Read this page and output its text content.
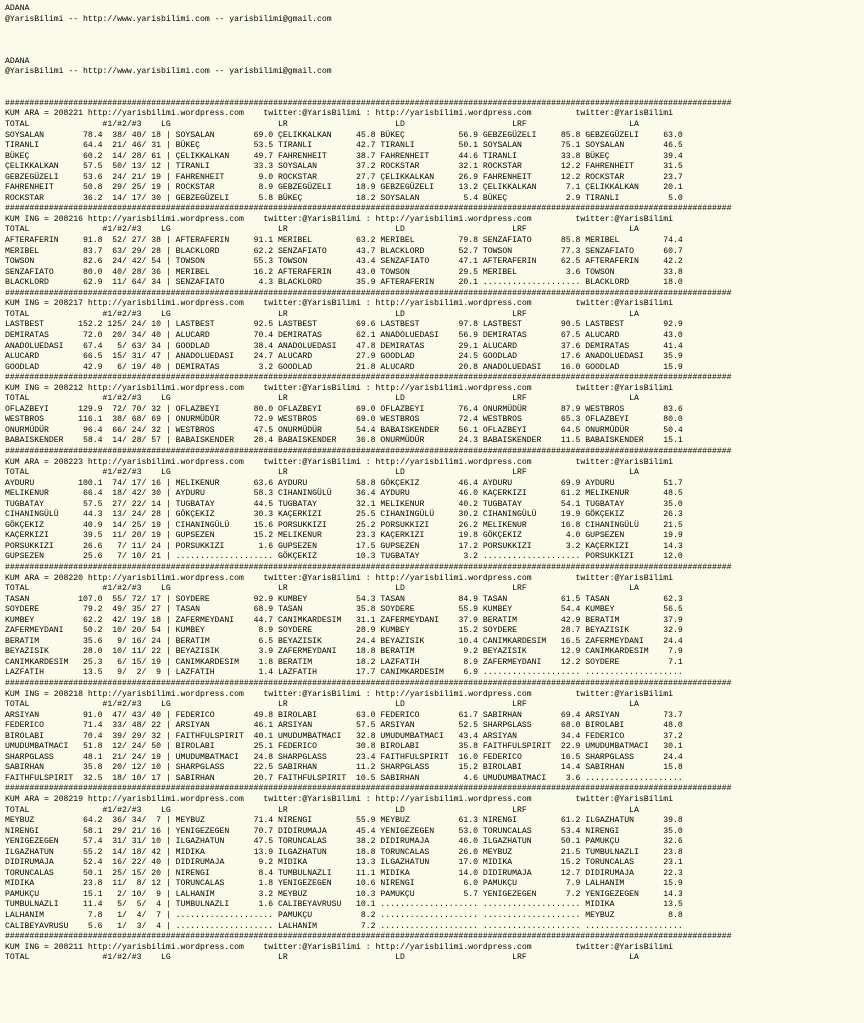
ADANA
@YarisBilimi -- http://www.yarisbilimi.com -- yarisbilimi@gmail.com
ADANA
@YarisBilimi -- http://www.yarisbilimi.com -- yarisbilimi@gmail.com
#####################################################################################################################################################
KUM ARA = 208221 http://yarisbilimi.wordpress.com    twitter:@YarisBilimi : http://yarisbilimi.wordpress.com         twitter:@YarisBilimi
TOTAL               #1/#2/#3    LG                      LR                      LD                      LRF                     LA
SOYSALAN        78.4  38/ 40/ 18 | SOYSALAN        69.0 ÇELIKKALKAN     45.8 BÜKEÇ           56.9 GEBZEGÜZELI     85.8 GEBZEGÜZELI     63.0
TIRANLI         64.4  21/ 46/ 31 | BÜKEÇ           53.5 TIRANLI         42.7 TIRANLI         50.1 SOYSALAN        75.1 SOYSALAN        46.5
BÜKEÇ           60.2  14/ 28/ 61 | ÇELIKKALKAN     49.7 FAHRENHEIT      38.7 FAHRENHEIT      44.6 TIRANLI         33.8 BÜKEÇ           39.4
ÇELIKKALKAN     57.5  50/ 13/ 12 | TIRANLI         33.3 SOYSALAN        37.2 ROCKSTAR        32.1 ROCKSTAR        12.2 FAHRENHEIT      31.5
GEBZEGÜZELI     53.6  24/ 21/ 19 | FAHRENHEIT       9.0 ROCKSTAR        27.7 ÇELIKKALKAN     26.9 FAHRENHEIT      12.2 ROCKSTAR        23.7
FAHRENHEIT      50.8  29/ 25/ 19 | ROCKSTAR         8.9 GEBZEGÜZELI     18.9 GEBZEGÜZELI     13.2 ÇELIKKALKAN      7.1 ÇELIKKALKAN     20.1
ROCKSTAR        36.2  14/ 17/ 30 | GEBZEGÜZELI      5.8 BÜKEÇ           18.2 SOYSALAN         5.4 BÜKEÇ            2.9 TIRANLI          5.0
#####################################################################################################################################################
KUM ING = 208216 http://yarisbilimi.wordpress.com    twitter:@YarisBilimi : http://yarisbilimi.wordpress.com         twitter:@YarisBilimi
TOTAL               #1/#2/#3    LG                      LR                      LD                      LRF                     LA
AFTERAFERIN     91.8  52/ 27/ 38 | AFTERAFERIN     91.1 MERIBEL         63.2 MERIBEL         79.8 SENZAFIATO      85.8 MERIBEL         74.4
MERIBEL         83.7  63/ 29/ 28 | BLACKLORD       62.2 SENZAFIATO      43.7 BLACKLORD       52.7 TOWSON          77.3 SENZAFIATO      60.7
TOWSON          82.6  24/ 42/ 54 | TOWSON          55.3 TOWSON          43.4 SENZAFIATO      47.1 AFTERAFERIN     62.5 AFTERAFERIN     42.2
SENZAFIATO      80.0  40/ 28/ 36 | MERIBEL         16.2 AFTERAFERIN     43.0 TOWSON          29.5 MERIBEL          3.6 TOWSON          33.8
BLACKLORD       62.9  11/ 64/ 34 | SENZAFIATO       4.3 BLACKLORD       35.9 AFTERAFERIN     20.1 .................... BLACKLORD       18.0
#####################################################################################################################################################
KUM ING = 208217 http://yarisbilimi.wordpress.com    twitter:@YarisBilimi : http://yarisbilimi.wordpress.com         twitter:@YarisBilimi
TOTAL               #1/#2/#3    LG                      LR                      LD                      LRF                     LA
LASTBEST       152.2 125/ 24/ 10 | LASTBEST        92.5 LASTBEST        69.6 LASTBEST        97.8 LASTBEST        90.5 LASTBEST        92.9
DEMIRATAS       72.0  20/ 34/ 40 | ALUCARD         70.4 DEMIRATAS       62.1 ANADOLUEDASI    56.9 DEMIRATAS       67.5 ALUCARD         43.0
ANADOLUEDASI    67.4   5/ 63/ 34 | GOODLAD         38.4 ANADOLUEDASI    47.8 DEMIRATAS       29.1 ALUCARD         37.6 DEMIRATAS       41.4
ALUCARD         66.5  15/ 31/ 47 | ANADOLUEDASI    24.7 ALUCARD         27.9 GOODLAD         24.5 GOODLAD         17.6 ANADOLUEDASI    35.9
GOODLAD         42.9   6/ 19/ 40 | DEMIRATAS        3.2 GOODLAD         21.8 ALUCARD         20.8 ANADOLUEDASI    16.0 GOODLAD         15.9
#####################################################################################################################################################
KUM ING = 208212 http://yarisbilimi.wordpress.com    twitter:@YarisBilimi : http://yarisbilimi.wordpress.com         twitter:@YarisBilimi
TOTAL               #1/#2/#3    LG                      LR                      LD                      LRF                     LA
OFLAZBEYI      129.9  72/ 70/ 32 | OFLAZBEYI       80.0 OFLAZBEYI       69.0 OFLAZBEYI       76.4 ONURMÜDÜR       87.9 WESTBROS        83.6
WESTBROS       116.1  38/ 68/ 69 | ONURMÜDÜR       72.9 WESTBROS        69.0 WESTBROS        72.4 WESTBROS        65.3 OFLAZBEYI       80.0
ONURMÜDÜR       96.4  66/ 24/ 32 | WESTBROS        47.5 ONURMÜDÜR       54.4 BABAISKENDER    56.1 OFLAZBEYI       64.5 ONURMÜDÜR       50.4
BABAISKENDER    58.4  14/ 28/ 57 | BABAISKENDER    28.4 BABAISKENDER    36.8 ONURMÜDÜR       24.3 BABAISKENDER    11.5 BABAISKENDER    15.1
#####################################################################################################################################################
KUM ARA = 208223 http://yarisbilimi.wordpress.com    twitter:@YarisBilimi : http://yarisbilimi.wordpress.com         twitter:@YarisBilimi
TOTAL               #1/#2/#3    LG                      LR                      LD                      LRF                     LA
AYDURU         100.1  74/ 17/ 16 | MELIKENUR       63.6 AYDURU          58.8 GÖKÇEKIZ        46.4 AYDURU          69.9 AYDURU          51.7
MELIKENUR       66.4  18/ 42/ 30 | AYDURU          58.3 CIHANINGÜLÜ     36.4 AYDURU          46.0 KAÇERKIZI       61.2 MELIKENUR       48.5
TUGBATAY        57.5  27/ 22/ 14 | TUGBATAY        44.5 TUGBATAY        32.1 MELIKENUR       40.2 TUGBATAY        54.1 TUGBATAY        35.0
CIHANINGÜLÜ     44.3  13/ 24/ 28 | GÖKÇEKIZ        30.3 KAÇERKIZI       25.5 CIHANINGÜLÜ     30.2 CIHANINGÜLÜ     19.9 GÖKÇEKIZ        26.3
GÖKÇEKIZ        40.9  14/ 25/ 19 | CIHANINGÜLÜ     15.6 PORSUKKIZI      25.2 PORSUKKIZI      26.2 MELIKENUR       16.8 CIHANINGÜLÜ     21.5
KAÇERKIZI       39.5  11/ 20/ 19 | GUPSEZEN        15.2 MELIKENUR       23.3 KAÇERKIZI       19.8 GÖKÇEKIZ         4.0 GUPSEZEN        19.9
PORSUKKIZI      26.6   7/ 11/ 24 | PORSUKKIZI       1.6 GUPSEZEN        17.5 GUPSEZEN        17.2 PORSUKKIZI       3.2 KAÇERKIZI       14.3
GUPSEZEN        25.6   7/ 10/ 21 | .................... GÖKÇEKIZ        10.3 TUGBATAY         3.2 .................... PORSUKKIZI      12.0
#####################################################################################################################################################
KUM ARA = 208220 http://yarisbilimi.wordpress.com    twitter:@YarisBilimi : http://yarisbilimi.wordpress.com         twitter:@YarisBilimi
TOTAL               #1/#2/#3    LG                      LR                      LD                      LRF                     LA
TASAN          107.0  55/ 72/ 17 | SOYDERE         92.9 KUMBEY          54.3 TASAN           84.9 TASAN           61.5 TASAN           62.3
SOYDERE         79.2  49/ 35/ 27 | TASAN           68.9 TASAN           35.8 SOYDERE         55.9 KUMBEY          54.4 KUMBEY          56.5
KUMBEY          62.2  42/ 19/ 18 | ZAFERMEYDANI    44.7 CANIMKARDESIM   31.1 ZAFERMEYDANI    37.9 BERATIM         42.9 BERATIM         37.9
ZAFERMEYDANI    50.2  10/ 20/ 54 | KUMBEY           8.9 SOYDERE         28.9 KUMBEY          15.2 SOYDERE         28.7 BEYAZISIK       32.9
BERATIM         35.6   9/ 16/ 24 | BERATIM          6.5 BEYAZISIK       24.4 BEYAZISIK       10.4 CANIMKARDESIM   16.5 ZAFERMEYDANI    24.4
BEYAZISIK       28.0  10/ 11/ 22 | BEYAZISIK        3.9 ZAFERMEYDANI    18.8 BERATIM          9.2 BEYAZISIK       12.9 CANIMKARDESIM    7.9
CANIMKARDESIM   25.3   6/ 15/ 19 | CANIMKARDESIM    1.8 BERATIM         18.2 LAZFATIH         8.9 ZAFERMEYDANI    12.2 SOYDERE          7.1
LAZFATIH        13.5   9/  2/  9 | LAZFATIH         1.4 LAZFATIH        17.7 CANIMKARDESIM    6.9 .................... ....................
#####################################################################################################################################################
KUM ING = 208218 http://yarisbilimi.wordpress.com    twitter:@YarisBilimi : http://yarisbilimi.wordpress.com         twitter:@YarisBilimi
TOTAL               #1/#2/#3    LG                      LR                      LD                      LRF                     LA
ARSIYAN         91.0  47/ 43/ 40 | FEDERICO        49.8 BIROLABI        63.0 FEDERICO        61.7 SABIRHAN        69.4 ARSIYAN         73.7
FEDERICO        71.4  33/ 48/ 22 | ARSIYAN         46.1 ARSIYAN         57.5 ARSIYAN         52.5 SHARPGLASS      68.0 BIROLABI        48.0
BIROLABI        70.4  39/ 29/ 32 | FAITHFULSPIRIT  40.1 UMUDUMBATMACI   32.8 UMUDUMBATMACI   43.4 ARSIYAN         34.4 FEDERICO        37.2
UMUDUMBATMACI   51.8  12/ 24/ 50 | BIROLABI        25.1 FEDERICO        30.8 BIROLABI        35.8 FAITHFULSPIRIT  22.9 UMUDUMBATMACI   30.1
SHARPGLASS      48.1  21/ 24/ 19 | UMUDUMBATMACI   24.8 SHARPGLASS      23.4 FAITHFULSPIRIT  16.0 FEDERICO        16.5 SHARPGLASS      24.4
SABIRHAN        35.8  20/ 12/ 10 | SHARPGLASS      22.5 SABIRHAN        11.2 SHARPGLASS      15.2 BIROLABI        14.4 SABIRHAN        15.8
FAITHFULSPIRIT  32.5  18/ 10/ 17 | SABIRHAN        20.7 FAITHFULSPIRIT  10.5 SABIRHAN         4.6 UMUDUMBATMACI    3.6 ....................
#####################################################################################################################################################
KUM ARA = 208219 http://yarisbilimi.wordpress.com    twitter:@YarisBilimi : http://yarisbilimi.wordpress.com         twitter:@YarisBilimi
TOTAL               #1/#2/#3    LG                      LR                      LD                      LRF                     LA
MEYBUZ          64.2  36/ 34/  7 | MEYBUZ          71.4 NIRENGI         55.9 MEYBUZ          61.3 NIRENGI         61.2 ILGAZHATUN      39.8
NIRENGI         58.1  29/ 21/ 16 | YENIGEZEGEN     70.7 DIDIRUMAJA      45.4 YENIGEZEGEN     53.0 TORUNCALAS      53.4 NIRENGI         35.0
YENIGEZEGEN     57.4  31/ 31/ 10 | ILGAZHATUN      47.5 TORUNCALAS      38.2 DIDIRUMAJA      46.0 ILGAZHATUN      50.1 PAMUKÇU         32.6
ILGAZHATUN      55.2  14/ 18/ 42 | MIDIKA          13.9 ILGAZHATUN      18.8 TORUNCALAS      26.0 MEYBUZ          21.5 TUMBULNAZLI     23.8
DIDIRUMAJA      52.4  16/ 22/ 40 | DIDIRUMAJA       9.2 MIDIKA          13.3 ILGAZHATUN      17.0 MIDIKA          15.2 TORUNCALAS      23.1
TORUNCALAS      50.1  25/ 15/ 20 | NIRENGI          8.4 TUMBULNAZLI     11.1 MIDIKA          14.0 DIDIRUMAJA      12.7 DIDIRUMAJA      22.3
MIDIKA          23.8  11/  8/ 12 | TORUNCALAS       1.8 YENIGEZEGEN     10.6 NIRENGI          6.0 PAMUKÇU          7.9 LALHANIM        15.9
PAMUKÇU         15.1   2/ 10/  9 | LALHANIM         3.2 MEYBUZ          10.3 PAMUKÇU          5.7 YENIGEZEGEN      7.2 YENIGEZEGEN     14.3
TUMBULNAZLI     11.4   5/  5/  4 | TUMBULNAZLI      1.6 CALIBEYAVRUSU   10.1 .................... .................... MIDIKA          13.5
LALHANIM         7.8   1/  4/  7 | .................... PAMUKÇU          8.2 .................... .................... MEYBUZ           8.8
CALIBEYAVRUSU    5.6   1/  3/  4 | .................... LALHANIM         7.2 .................... .................... ....................
#####################################################################################################################################################
KUM ING = 208211 http://yarisbilimi.wordpress.com    twitter:@YarisBilimi : http://yarisbilimi.wordpress.com         twitter:@YarisBilimi
TOTAL               #1/#2/#3    LG                      LR                      LD                      LRF                     LA
